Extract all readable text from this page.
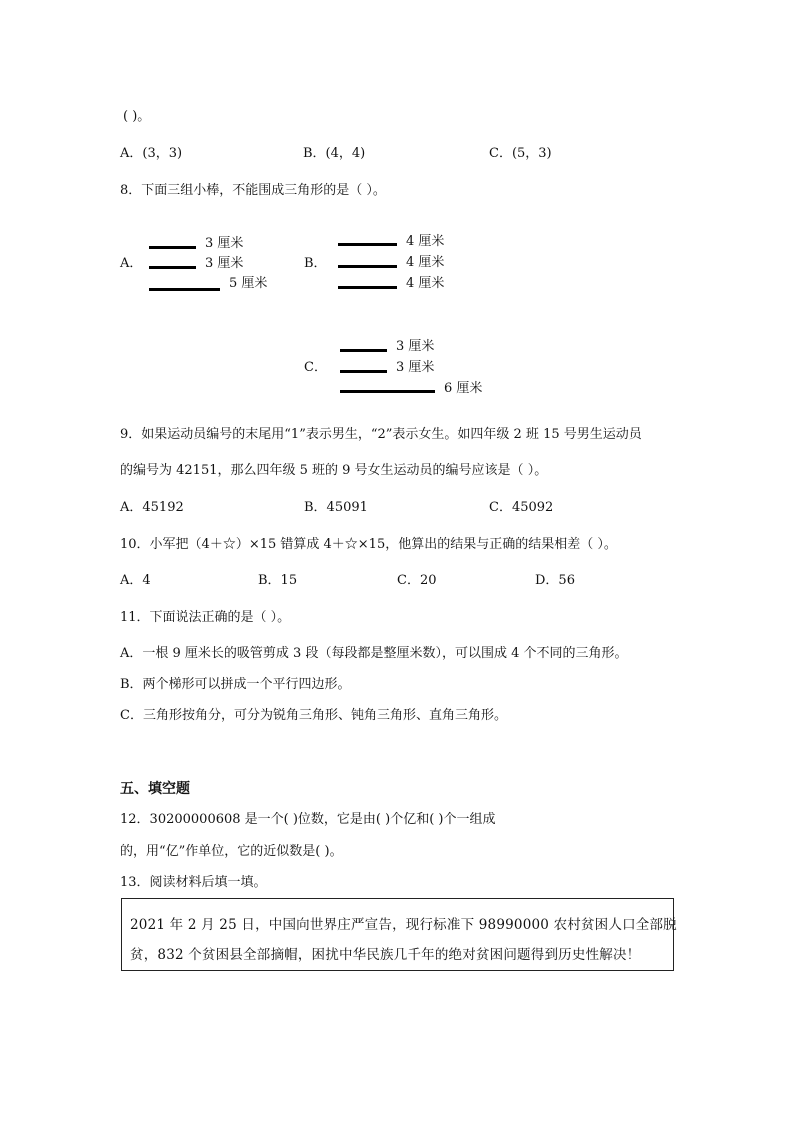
( )。
A．(3，3)	B．(4，4)	C．(5，3)
8．下面三组小棒，不能围成三角形的是（ ）。
A．
3 厘米
3 厘米
5 厘米
B．
4 厘米
4 厘米
4 厘米
C．
3 厘米
3 厘米
6 厘米
9．如果运动员编号的末尾用“1”表示男生，“2”表示女生。如四年级 2 班 15 号男生运动员
的编号为 42151，那么四年级 5 班的 9 号女生运动员的编号应该是（ ）。
A．45192	B．45091	C．45092
10．小军把（4＋☆）×15 错算成 4＋☆×15，他算出的结果与正确的结果相差（ ）。
A．4	B．15	C．20	D．56
11．下面说法正确的是（ ）。
A．一根 9 厘米长的吸管剪成 3 段（每段都是整厘米数），可以围成 4 个不同的三角形。
B．两个梯形可以拼成一个平行四边形。
C．三角形按角分，可分为锐角三角形、钝角三角形、直角三角形。
五、填空题
12．30200000608 是一个( )位数，它是由( )个亿和( )个一组成
的，用“亿”作单位，它的近似数是( )。
13．阅读材料后填一填。
2021 年 2 月 25 日，中国向世界庄严宣告，现行标准下 98990000 农村贫困人口全部脱
贫，832 个贫困县全部摘帽，困扰中华民族几千年的绝对贫困问题得到历史性解决！
